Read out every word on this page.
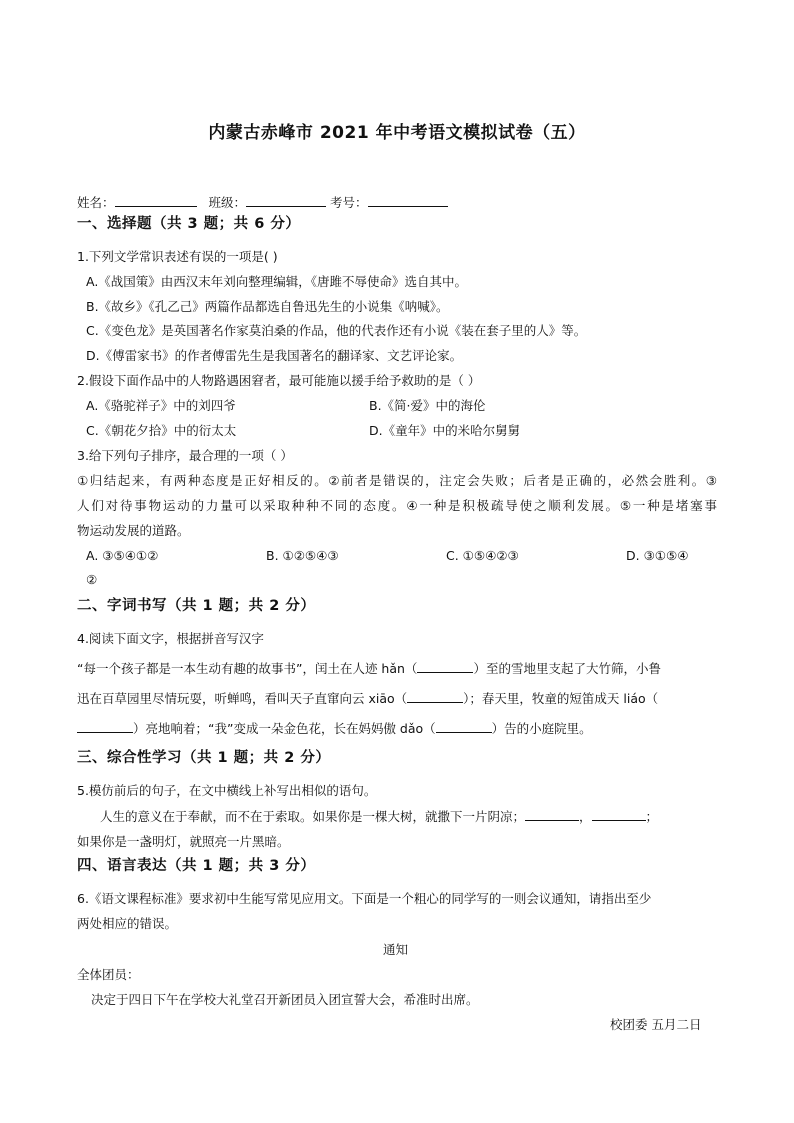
内蒙古赤峰市 2021 年中考语文模拟试卷（五）
姓名：	班级：	考号：
一、选择题（共 3 题；共 6 分）
1.下列文学常识表述有误的一项是( )
A.《战国策》由西汉末年刘向整理编辑，《唐雎不辱使命》选自其中。
B.《故乡》《孔乙己》两篇作品都选自鲁迅先生的小说集《呐喊》。
C.《变色龙》是英国著名作家莫泊桑的作品，他的代表作还有小说《装在套子里的人》等。
D.《傅雷家书》的作者傅雷先生是我国著名的翻译家、文艺评论家。
2.假设下面作品中的人物路遇困窘者，最可能施以援手给予救助的是（ ）
A.《骆驼祥子》中的刘四爷	B.《简·爱》中的海伦
C.《朝花夕拾》中的衍太太	D.《童年》中的米哈尔舅舅
3.给下列句子排序，最合理的一项（ ）
①归结起来，有两种态度是正好相反的。②前者是错误的，注定会失败；后者是正确的，必然会胜利。③
人们对待事物运动的力量可以采取种种不同的态度。④一种是积极疏导使之顺利发展。⑤一种是堵塞事
物运动发展的道路。
A. ③⑤④①②	B. ①②⑤④③	C. ①⑤④②③	D. ③①⑤④
②
二、字词书写（共 1 题；共 2 分）
4.阅读下面文字，根据拼音写汉字
“每一个孩子都是一本生动有趣的故事书”，闰土在人迹 hǎn（	）至的雪地里支起了大竹筛，小鲁
迅在百草园里尽情玩耍，听蝉鸣，看叫天子直窜向云 xiāo（	）；春天里，牧童的短笛成天 liáo（
）亮地响着；“我”变成一朵金色花，长在妈妈傲 dǎo（	）告的小庭院里。
三、综合性学习（共 1 题；共 2 分）
5.模仿前后的句子，在文中横线上补写出相似的语句。
人生的意义在于奉献，而不在于索取。如果你是一棵大树，就撒下一片阴凉；	，	；
如果你是一盏明灯，就照亮一片黑暗。
四、语言表达（共 1 题；共 3 分）
6.《语文课程标准》要求初中生能写常见应用文。下面是一个粗心的同学写的一则会议通知，请指出至少
两处相应的错误。
通知
全体团员：
决定于四日下午在学校大礼堂召开新团员入团宣誓大会，希准时出席。
校团委 五月二日
